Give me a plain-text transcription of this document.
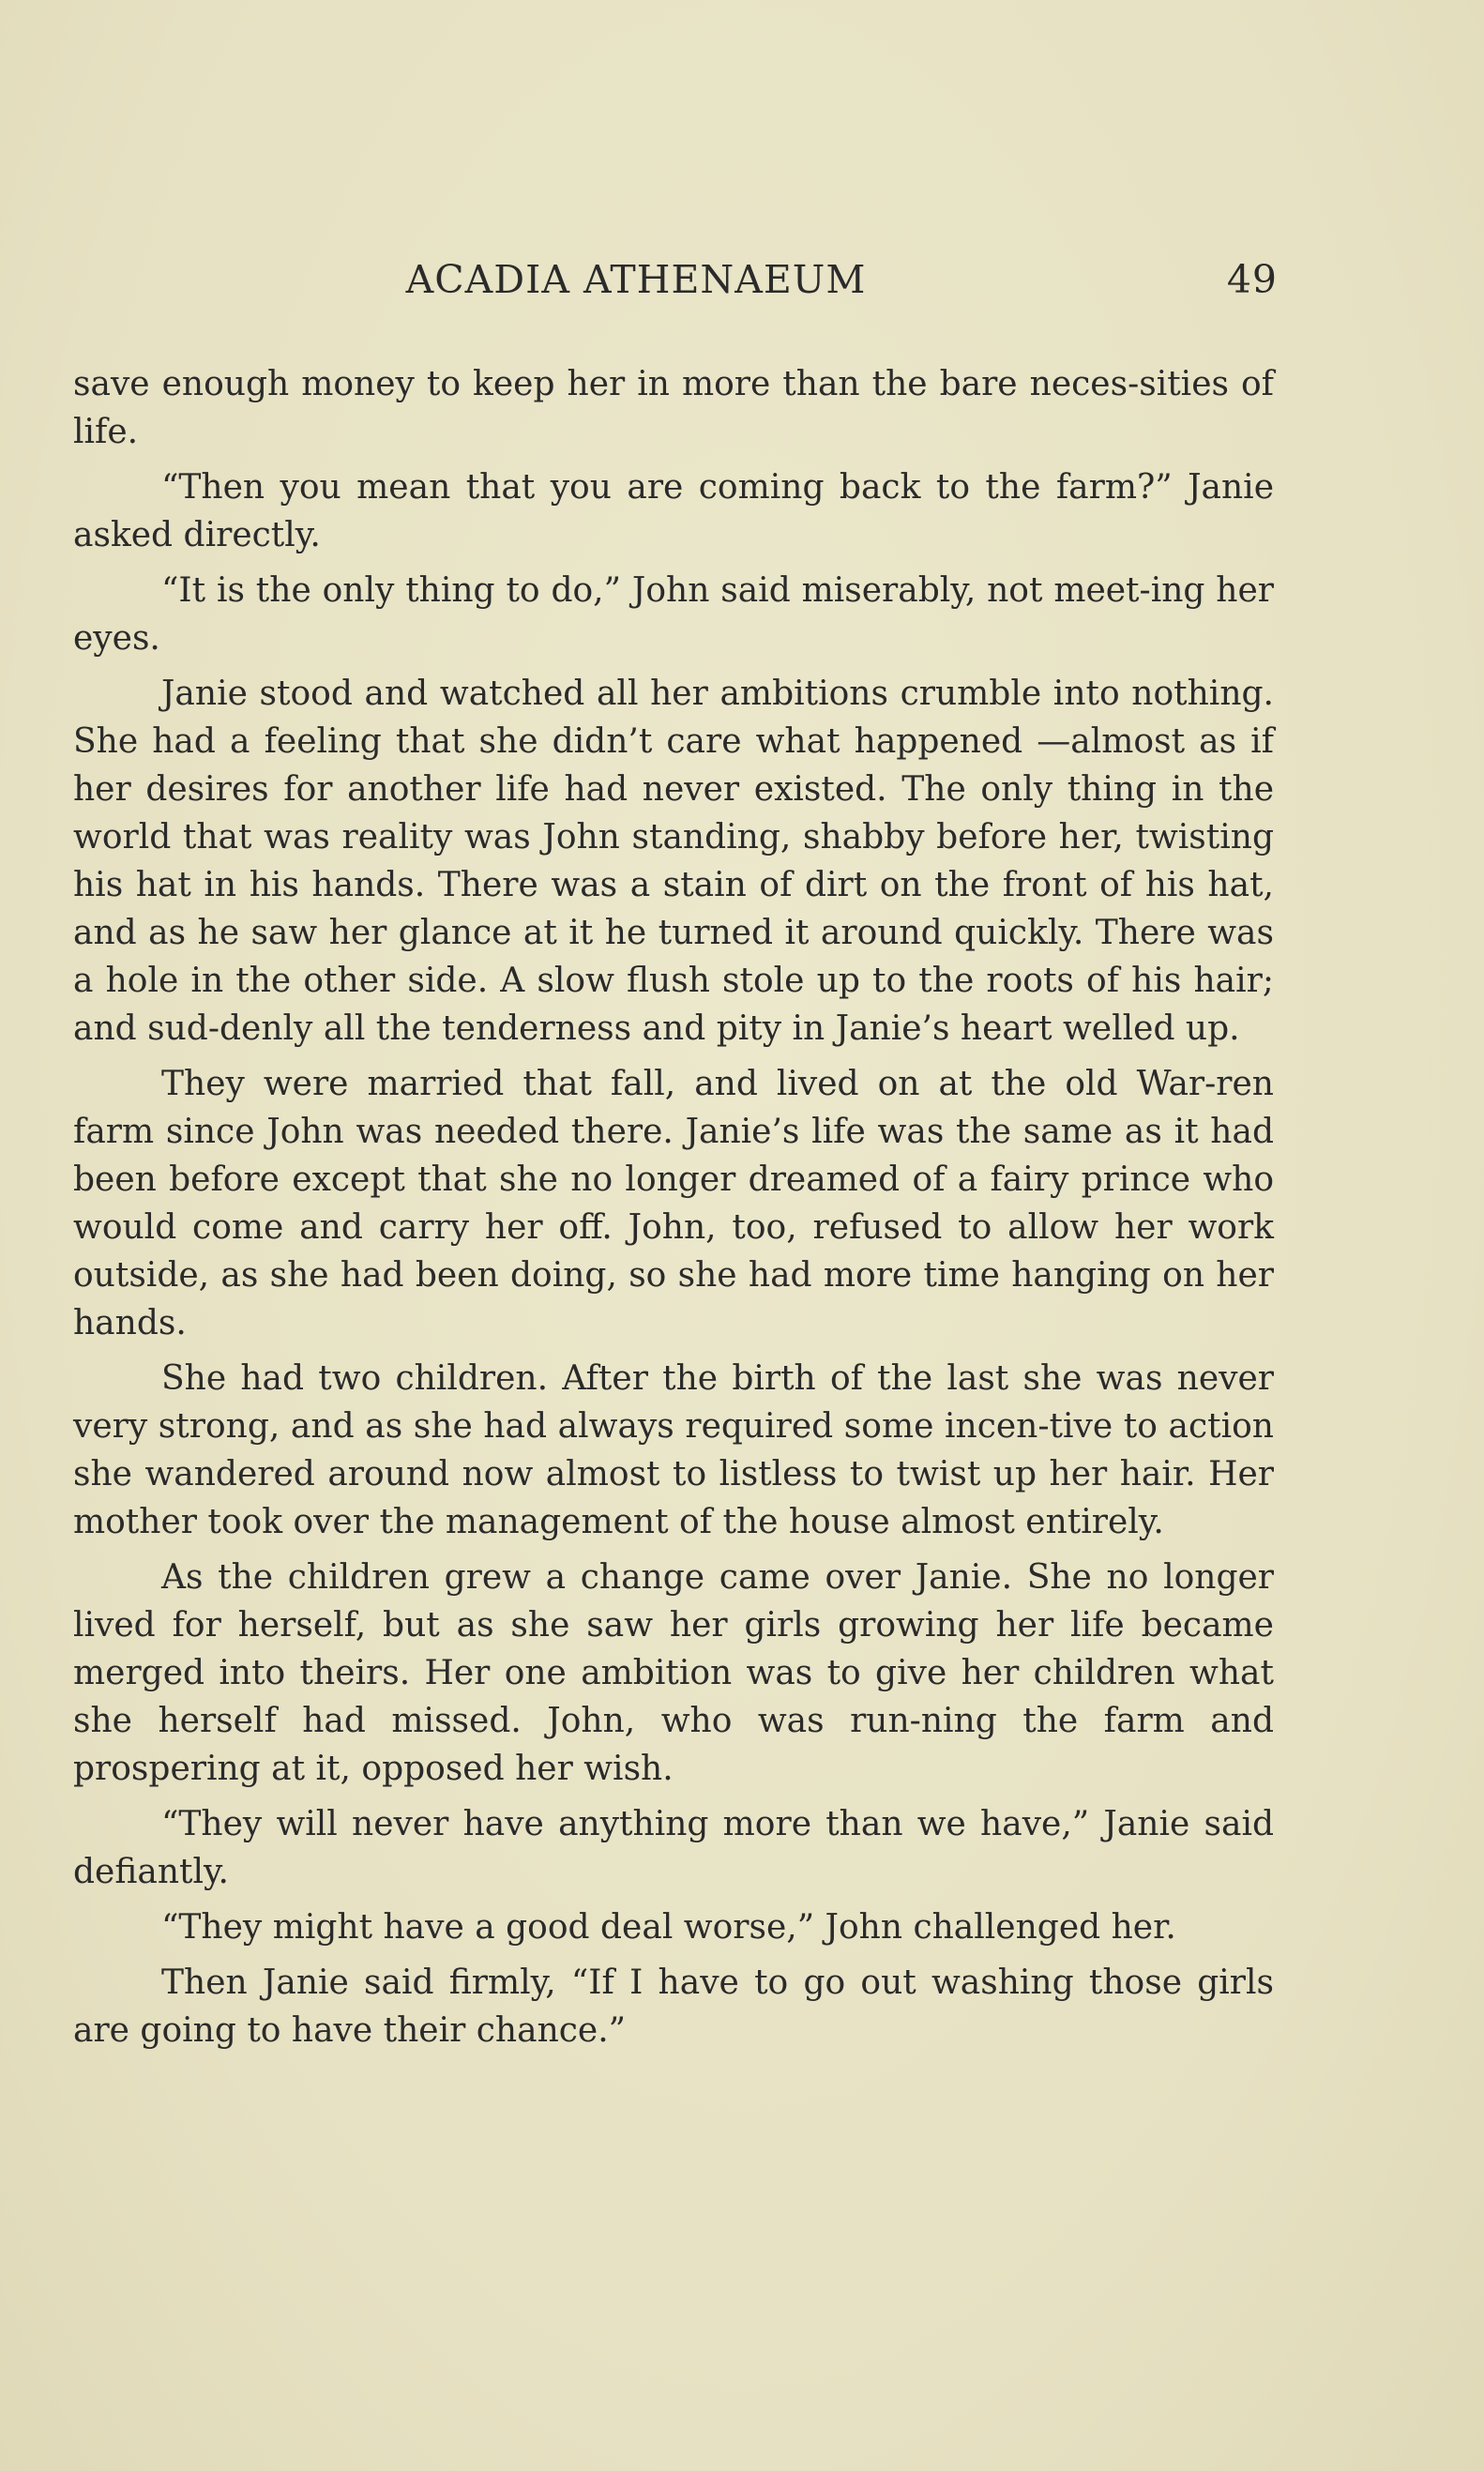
ACADIA ATHENAEUM	49

save enough money to keep her in more than the bare neces-sities of life.

“Then you mean that you are coming back to the farm?” Janie asked directly.

“It is the only thing to do,” John said miserably, not meet-ing her eyes.

Janie stood and watched all her ambitions crumble into nothing. She had a feeling that she didn’t care what happened —almost as if her desires for another life had never existed. The only thing in the world that was reality was John standing, shabby before her, twisting his hat in his hands. There was a stain of dirt on the front of his hat, and as he saw her glance at it he turned it around quickly. There was a hole in the other side. A slow flush stole up to the roots of his hair; and sud-denly all the tenderness and pity in Janie’s heart welled up.

They were married that fall, and lived on at the old War-ren farm since John was needed there. Janie’s life was the same as it had been before except that she no longer dreamed of a fairy prince who would come and carry her off. John, too, refused to allow her work outside, as she had been doing, so she had more time hanging on her hands.

She had two children. After the birth of the last she was never very strong, and as she had always required some incen-tive to action she wandered around now almost to listless to twist up her hair. Her mother took over the management of the house almost entirely.

As the children grew a change came over Janie. She no longer lived for herself, but as she saw her girls growing her life became merged into theirs. Her one ambition was to give her children what she herself had missed. John, who was run-ning the farm and prospering at it, opposed her wish.

“They will never have anything more than we have,” Janie said defiantly.

“They might have a good deal worse,” John challenged her.

Then Janie said firmly, “If I have to go out washing those girls are going to have their chance.”
